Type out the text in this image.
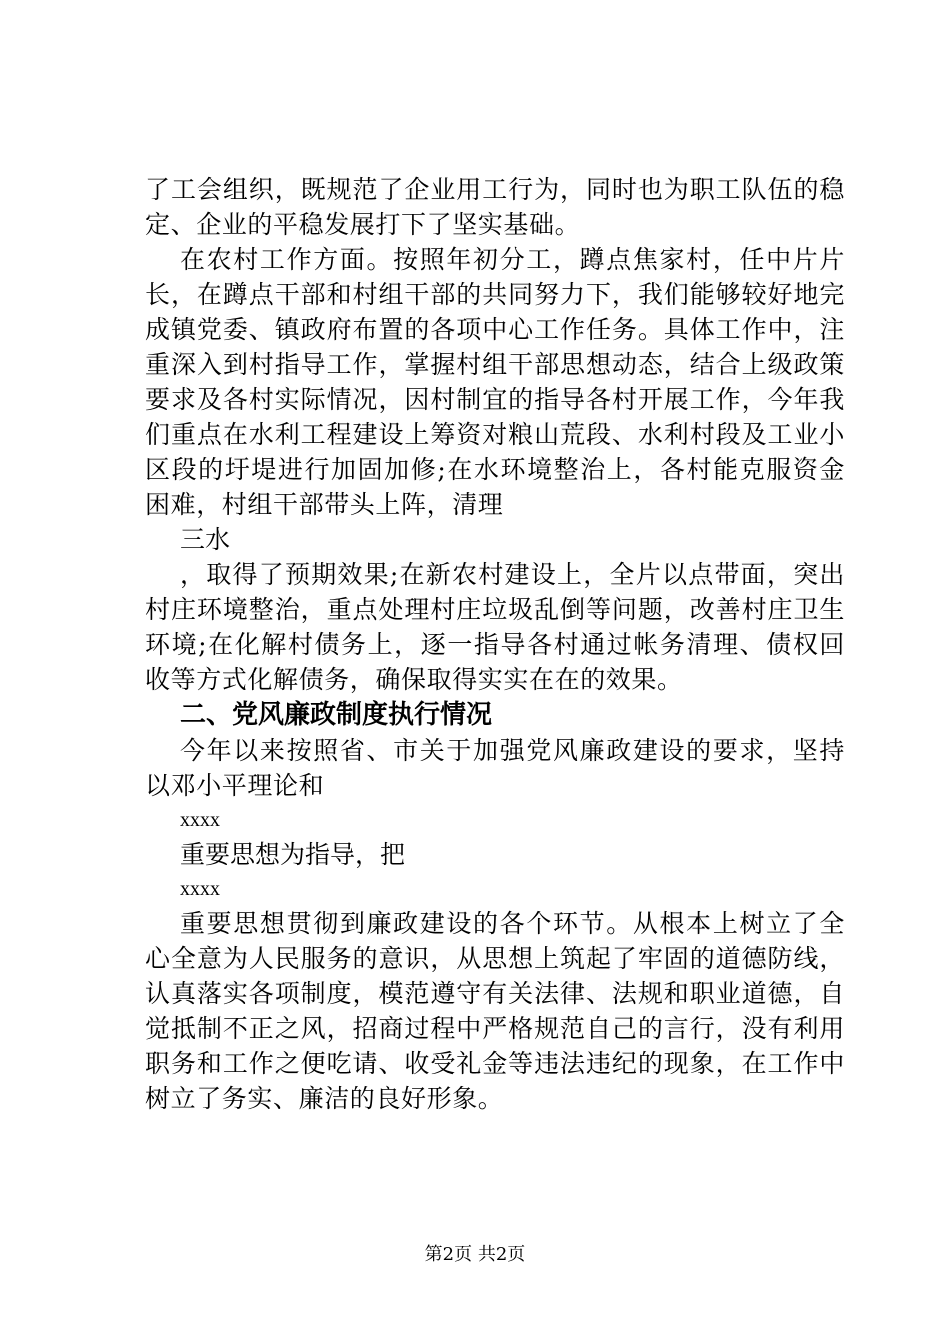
了工会组织，既规范了企业用工行为，同时也为职工队伍的稳定、企业的平稳发展打下了坚实基础。

在农村工作方面。按照年初分工，蹲点焦家村，任中片片长，在蹲点干部和村组干部的共同努力下，我们能够较好地完成镇党委、镇政府布置的各项中心工作任务。具体工作中，注重深入到村指导工作，掌握村组干部思想动态，结合上级政策要求及各村实际情况，因村制宜的指导各村开展工作，今年我们重点在水利工程建设上筹资对粮山荒段、水利村段及工业小区段的圩堤进行加固加修;在水环境整治上，各村能克服资金困难，村组干部带头上阵，清理

三水

，取得了预期效果;在新农村建设上，全片以点带面，突出村庄环境整治，重点处理村庄垃圾乱倒等问题，改善村庄卫生环境;在化解村债务上，逐一指导各村通过帐务清理、债权回收等方式化解债务，确保取得实实在在的效果。

二、党风廉政制度执行情况

今年以来按照省、市关于加强党风廉政建设的要求，坚持以邓小平理论和

xxxx

重要思想为指导，把

xxxx

重要思想贯彻到廉政建设的各个环节。从根本上树立了全心全意为人民服务的意识，从思想上筑起了牢固的道德防线，认真落实各项制度，模范遵守有关法律、法规和职业道德，自觉抵制不正之风，招商过程中严格规范自己的言行，没有利用职务和工作之便吃请、收受礼金等违法违纪的现象，在工作中树立了务实、廉洁的良好形象。

第2页 共2页
